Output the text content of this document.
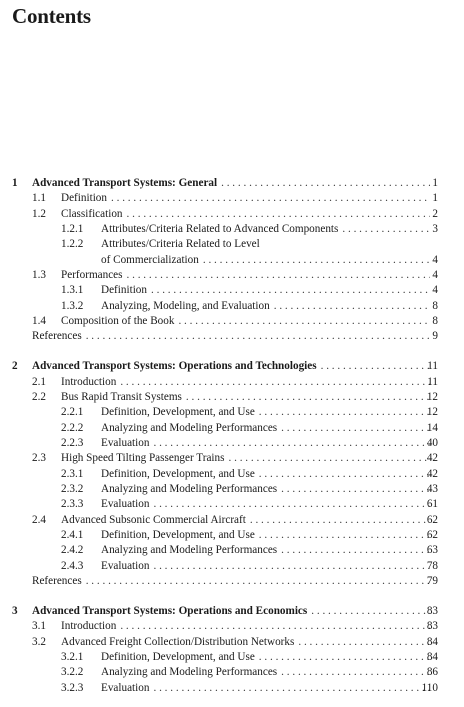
Contents
1 Advanced Transport Systems: General . . .	1
1.1 Definition . . .	1
1.2 Classification . . .	2
1.2.1 Attributes/Criteria Related to Advanced Components . . .	3
1.2.2 Attributes/Criteria Related to Level
of Commercialization . . .	4
1.3 Performances . . .	4
1.3.1 Definition . . .	4
1.3.2 Analyzing, Modeling, and Evaluation . . .	8
1.4 Composition of the Book . . .	8
References . . .	9
2 Advanced Transport Systems: Operations and Technologies . . .	11
2.1 Introduction . . .	11
2.2 Bus Rapid Transit Systems . . .	12
2.2.1 Definition, Development, and Use . . .	12
2.2.2 Analyzing and Modeling Performances . . .	14
2.2.3 Evaluation . . .	40
2.3 High Speed Tilting Passenger Trains . . .	42
2.3.1 Definition, Development, and Use . . .	42
2.3.2 Analyzing and Modeling Performances . . .	43
2.3.3 Evaluation . . .	61
2.4 Advanced Subsonic Commercial Aircraft . . .	62
2.4.1 Definition, Development, and Use . . .	62
2.4.2 Analyzing and Modeling Performances . . .	63
2.4.3 Evaluation . . .	78
References . . .	79
3 Advanced Transport Systems: Operations and Economics . . .	83
3.1 Introduction . . .	83
3.2 Advanced Freight Collection/Distribution Networks . . .	84
3.2.1 Definition, Development, and Use . . .	84
3.2.2 Analyzing and Modeling Performances . . .	86
3.2.3 Evaluation . . .	110
